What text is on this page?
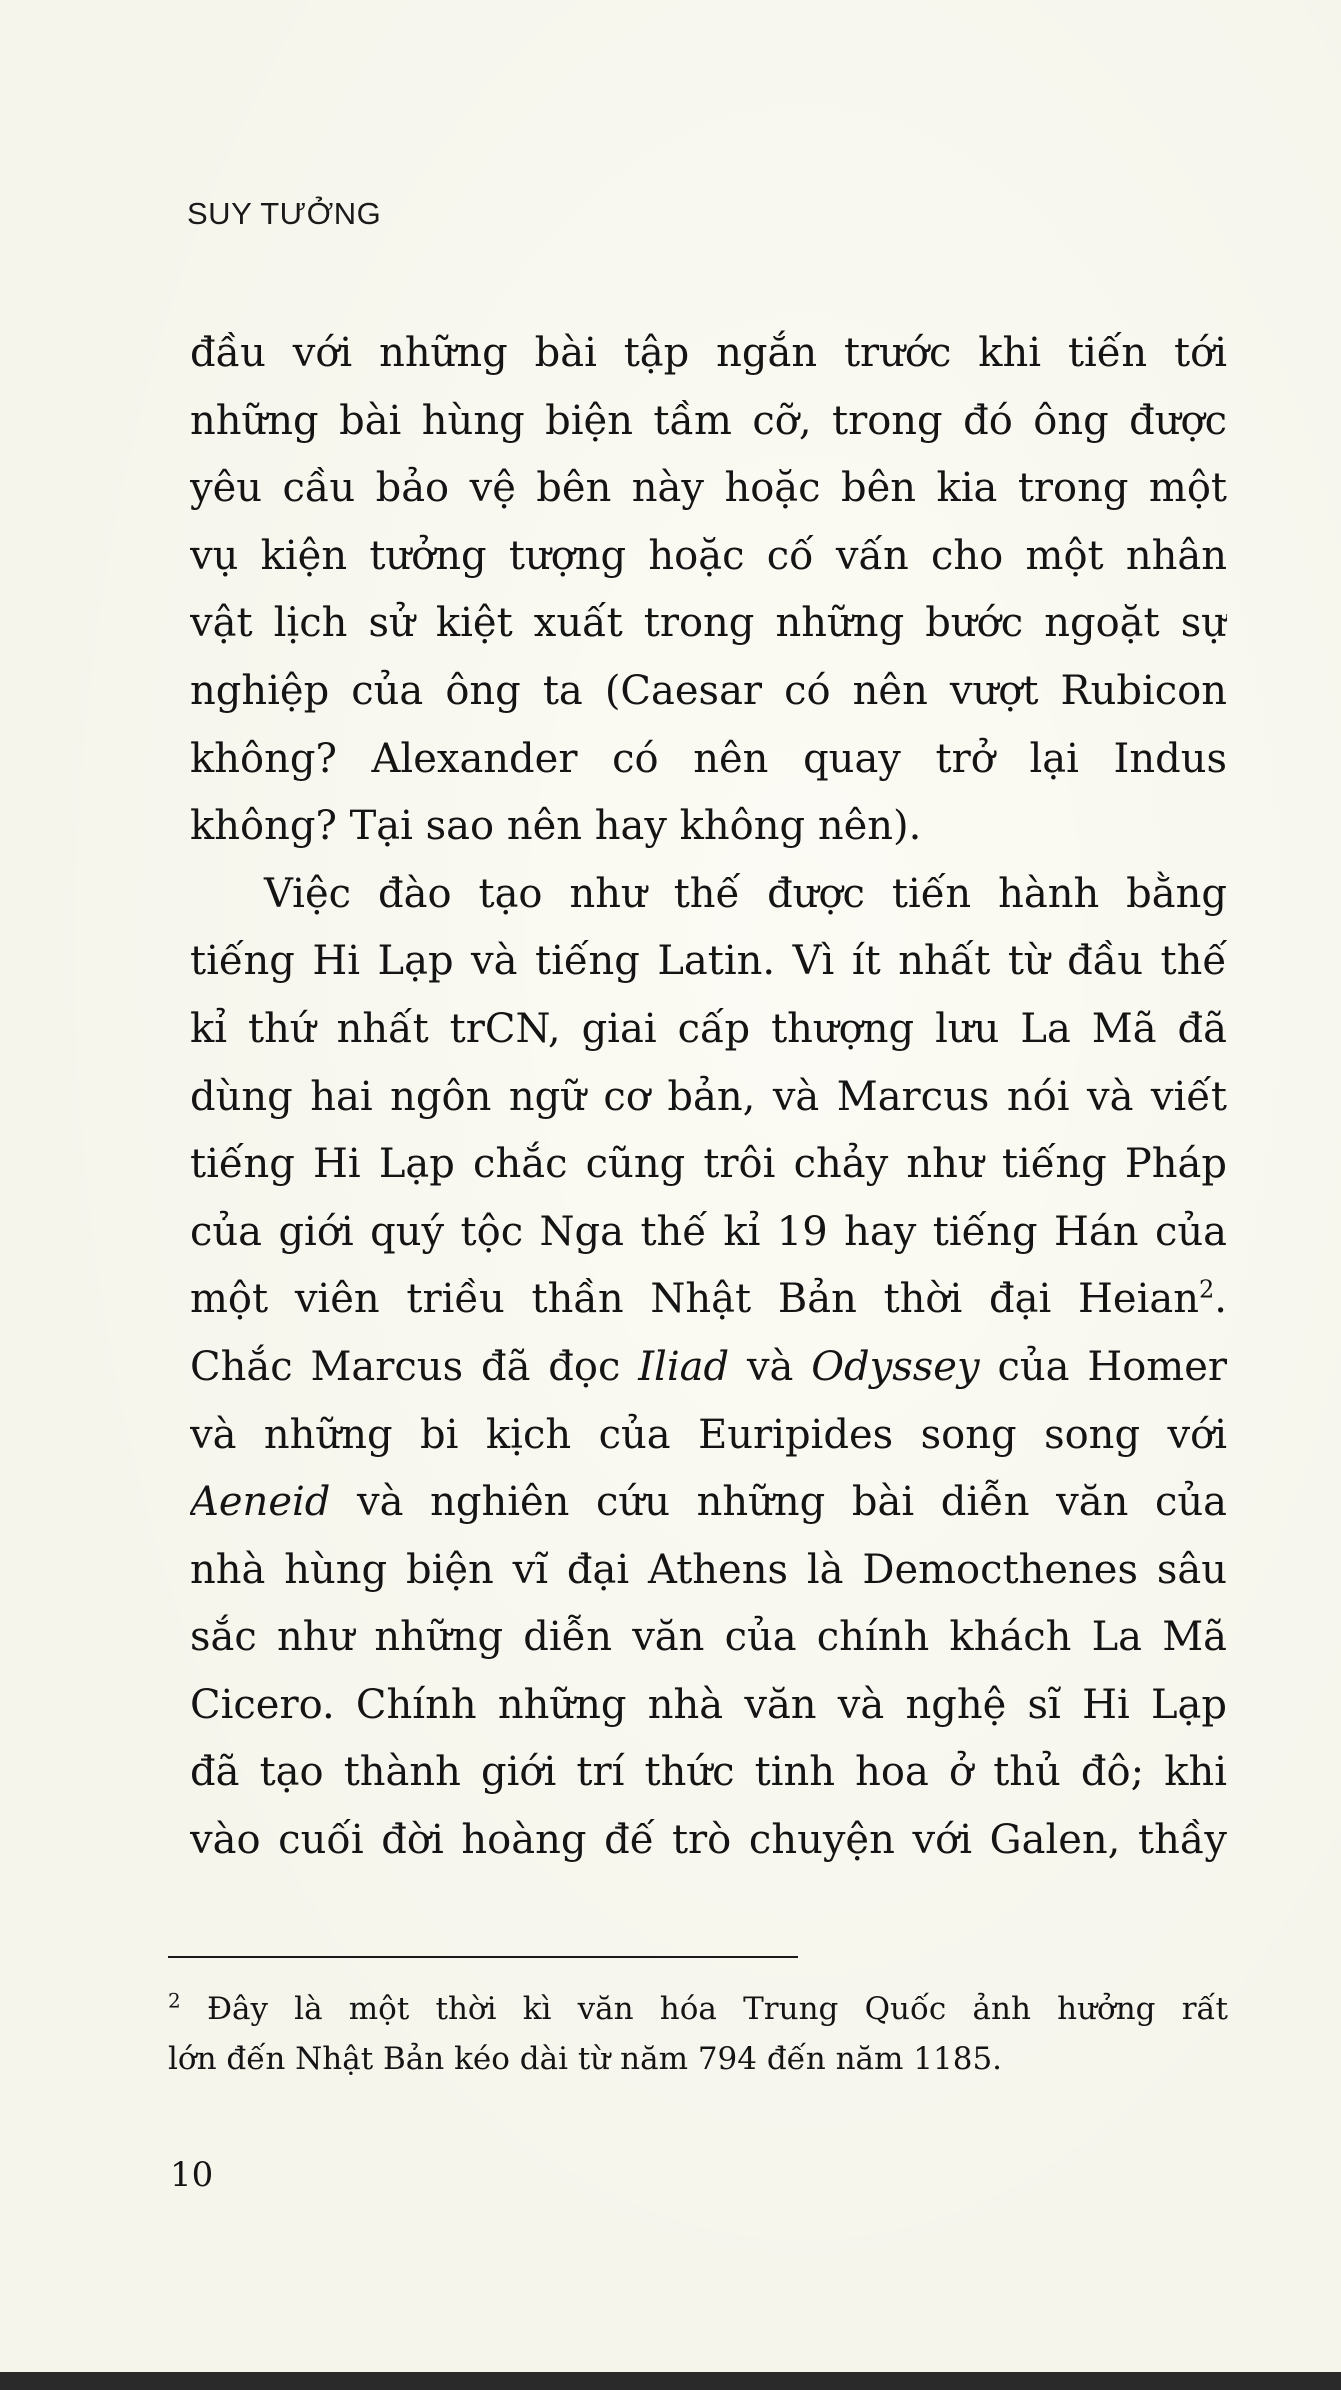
SUY TƯỞNG
đầu với những bài tập ngắn trước khi tiến tới
những bài hùng biện tầm cỡ, trong đó ông được
yêu cầu bảo vệ bên này hoặc bên kia trong một
vụ kiện tưởng tượng hoặc cố vấn cho một nhân
vật lịch sử kiệt xuất trong những bước ngoặt sự
nghiệp của ông ta (Caesar có nên vượt Rubicon
không? Alexander có nên quay trở lại Indus
không? Tại sao nên hay không nên).
Việc đào tạo như thế được tiến hành bằng
tiếng Hi Lạp và tiếng Latin. Vì ít nhất từ đầu thế
kỉ thứ nhất trCN, giai cấp thượng lưu La Mã đã
dùng hai ngôn ngữ cơ bản, và Marcus nói và viết
tiếng Hi Lạp chắc cũng trôi chảy như tiếng Pháp
của giới quý tộc Nga thế kỉ 19 hay tiếng Hán của
một viên triều thần Nhật Bản thời đại Heian$^2$.
Chắc Marcus đã đọc Iliad và Odyssey của Homer
và những bi kịch của Euripides song song với
Aeneid và nghiên cứu những bài diễn văn của
nhà hùng biện vĩ đại Athens là Democthenes sâu
sắc như những diễn văn của chính khách La Mã
Cicero. Chính những nhà văn và nghệ sĩ Hi Lạp
đã tạo thành giới trí thức tinh hoa ở thủ đô; khi
vào cuối đời hoàng đế trò chuyện với Galen, thầy
$^2$ Đây là một thời kì văn hóa Trung Quốc ảnh hưởng rất
lớn đến Nhật Bản kéo dài từ năm 794 đến năm 1185.
10
